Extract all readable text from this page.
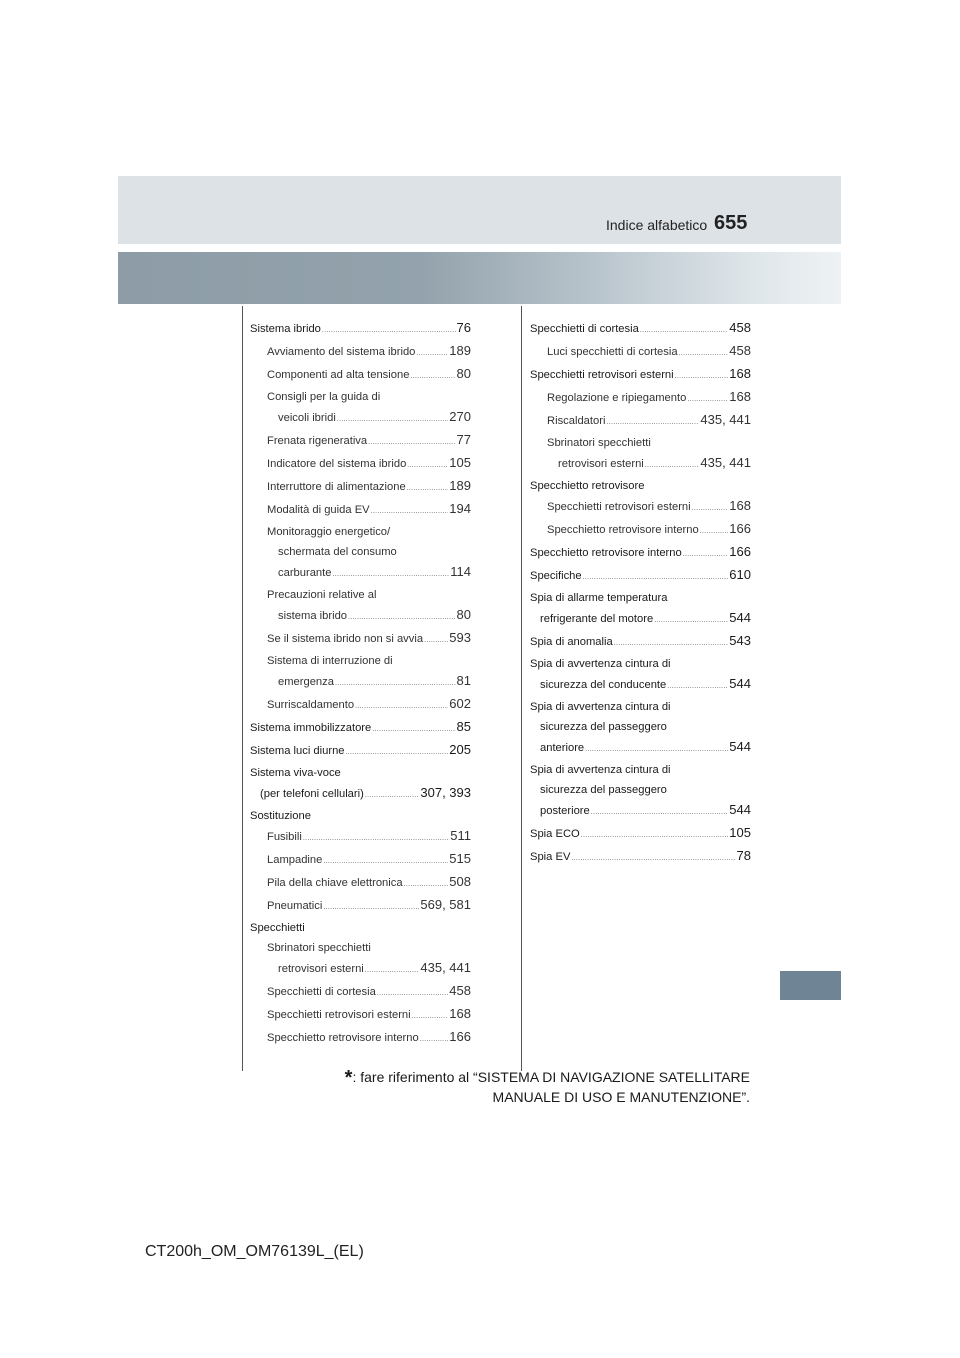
Indice alfabetico 655
Sistema ibrido .....	76
Avviamento del sistema ibrido .....	189
Componenti ad alta tensione .....	80
Consigli per la guida di
veicoli ibridi .....	270
Frenata rigenerativa .....	77
Indicatore del sistema ibrido .....	105
Interruttore di alimentazione .....	189
Modalità di guida EV .....	194
Monitoraggio energetico/
schermata del consumo
carburante .....	114
Precauzioni relative al
sistema ibrido .....	80
Se il sistema ibrido non si avvia ..... 593
Sistema di interruzione di
emergenza .....	81
Surriscaldamento .....	602
Sistema immobilizzatore .....	85
Sistema luci diurne .....	205
Sistema viva-voce
(per telefoni cellulari) .....	307, 393
Sostituzione
Fusibili .....	511
Lampadine .....	515
Pila della chiave elettronica .....	508
Pneumatici .....	569, 581
Specchietti
Sbrinatori specchietti
retrovisori esterni .....	435, 441
Specchietti di cortesia .....	458
Specchietti retrovisori esterni .....	168
Specchietto retrovisore interno ..... 166
Specchietti di cortesia .....	458
Luci specchietti di cortesia .....	458
Specchietti retrovisori esterni .....	168
Regolazione e ripiegamento .....	168
Riscaldatori .....	435, 441
Sbrinatori specchietti
retrovisori esterni .....	435, 441
Specchietto retrovisore
Specchietti retrovisori esterni .....	168
Specchietto retrovisore interno ..... 166
Specchietto retrovisore interno .....	166
Specifiche .....	610
Spia di allarme temperatura
refrigerante del motore .....	544
Spia di anomalia .....	543
Spia di avvertenza cintura di
sicurezza del conducente .....	544
Spia di avvertenza cintura di
sicurezza del passeggero
anteriore .....	544
Spia di avvertenza cintura di
sicurezza del passeggero
posteriore .....	544
Spia ECO .....	105
Spia EV .....	78
*: fare riferimento al “SISTEMA DI NAVIGAZIONE SATELLITARE
MANUALE DI USO E MANUTENZIONE”.
CT200h_OM_OM76139L_(EL)
